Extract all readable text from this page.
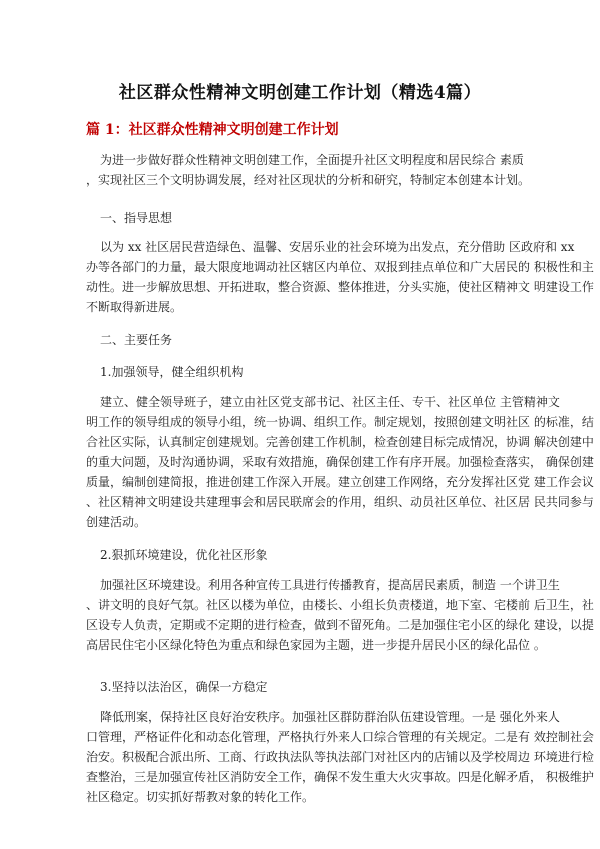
社区群众性精神文明创建工作计划（精选4篇）
篇 1：社区群众性精神文明创建工作计划
为进一步做好群众性精神文明创建工作，全面提升社区文明程度和居民综合 素质
，实现社区三个文明协调发展，经对社区现状的分析和研究，特制定本创建本计划。
一、指导思想
以为 xx 社区居民营造绿色、温馨、安居乐业的社会环境为出发点，充分借助 区政府和 xx
办等各部门的力量，最大限度地调动社区辖区内单位、双报到挂点单位和广大居民的 积极性和主
动性。进一步解放思想、开拓进取，整合资源、整体推进，分头实施，使社区精神文 明建设工作
不断取得新进展。
二、主要任务
1.加强领导，健全组织机构
建立、健全领导班子，建立由社区党支部书记、社区主任、专干、社区单位 主管精神文
明工作的领导组成的领导小组，统一协调、组织工作。制定规划，按照创建文明社区 的标准，结
合社区实际，认真制定创建规划。完善创建工作机制，检查创建目标完成情况，协调 解决创建中
的重大问题，及时沟通协调，采取有效措施，确保创建工作有序开展。加强检查落实， 确保创建
质量，编制创建简报，推进创建工作深入开展。建立创建工作网络，充分发挥社区党 建工作会议
、社区精神文明建设共建理事会和居民联席会的作用，组织、动员社区单位、社区居 民共同参与
创建活动。
2.狠抓环境建设，优化社区形象
加强社区环境建设。利用各种宣传工具进行传播教育，提高居民素质，制造 一个讲卫生
、讲文明的良好气氛。社区以楼为单位，由楼长、小组长负责楼道，地下室、宅楼前 后卫生，社
区设专人负责，定期或不定期的进行检查，做到不留死角。二是加强住宅小区的绿化 建设，以提
高居民住宅小区绿化特色为重点和绿色家园为主题，进一步提升居民小区的绿化品位 。
3.坚持以法治区，确保一方稳定
降低刑案，保持社区良好治安秩序。加强社区群防群治队伍建设管理。一是 强化外来人
口管理，严格证件化和动态化管理，严格执行外来人口综合管理的有关规定。二是有 效控制社会
治安。积极配合派出所、工商、行政执法队等执法部门对社区内的店铺以及学校周边 环境进行检
查整治，三是加强宣传社区消防安全工作，确保不发生重大火灾事故。四是化解矛盾， 积极维护
社区稳定。切实抓好帮教对象的转化工作。
